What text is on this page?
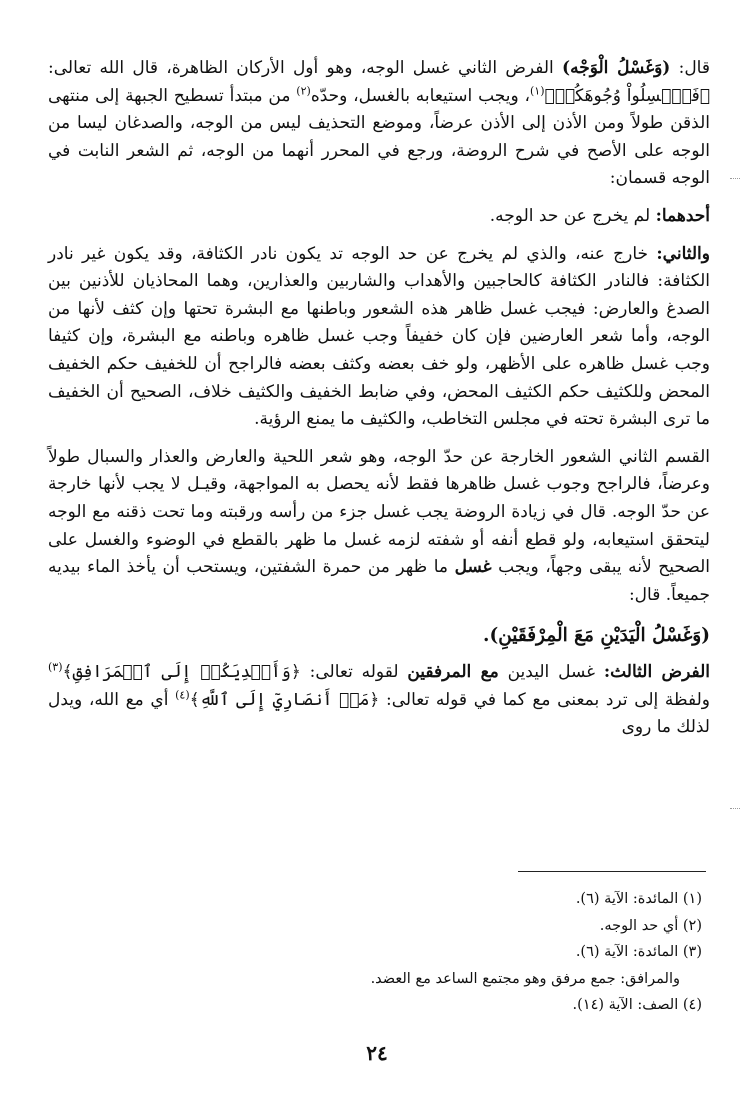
قال: (وَغَسْلُ الْوَجْه) الفرض الثاني غسل الوجه، وهو أول الأركان الظاهرة، قال الله تعالى: ﴿فَٱغۡسِلُواْ وُجُوهَكُمۡ﴾$^{(١)}$، ويجب استيعابه بالغسل، وحدّه$^{(٢)}$ من مبتدأ تسطيح الجبهة إلى منتهى الذقن طولاً ومن الأذن إلى الأذن عرضاً، وموضع التحذيف ليس من الوجه، والصدغان ليسا من الوجه على الأصح في شرح الروضة، ورجع في المحرر أنهما من الوجه، ثم الشعر النابت في الوجه قسمان:

أحدهما: لم يخرج عن حد الوجه.

والثاني: خارج عنه، والذي لم يخرج عن حد الوجه تد يكون نادر الكثافة، وقد يكون غير نادر الكثافة: فالنادر الكثافة كالحاجبين والأهداب والشاربين والعذارين، وهما المحاذيان للأذنين بين الصدغ والعارض: فيجب غسل ظاهر هذه الشعور وباطنها مع البشرة تحتها وإن كثف لأنها من الوجه، وأما شعر العارضين فإن كان خفيفاً وجب غسل ظاهره وباطنه مع البشرة، وإن كثيفا وجب غسل ظاهره على الأظهر، ولو خف بعضه وكثف بعضه فالراجح أن للخفيف حكم الخفيف المحض وللكثيف حكم الكثيف المحض، وفي ضابط الخفيف والكثيف خلاف، الصحيح أن الخفيف ما ترى البشرة تحته في مجلس التخاطب، والكثيف ما يمنع الرؤية.

القسم الثاني الشعور الخارجة عن حدّ الوجه، وهو شعر اللحية والعارض والعذار والسبال طولاً وعرضاً، فالراجح وجوب غسل ظاهرها فقط لأنه يحصل به المواجهة، وقيـل لا يجب لأنها خارجة عن حدّ الوجه. قال في زيادة الروضة يجب غسل جزء من رأسه ورقبته وما تحت ذقنه مع الوجه ليتحقق استيعابه، ولو قطع أنفه أو شفته لزمه غسل ما ظهر بالقطع في الوضوء والغسل على الصحيح لأنه يبقى وجهاً، ويجب غسل ما ظهر من حمرة الشفتين، ويستحب أن يأخذ الماء بيديه جميعاً. قال:

(وَغَسْلُ الْيَدَيْنِ مَعَ الْمِرْفَقَيْنِ).

الفرض الثالث: غسل اليدين مع المرفقين لقوله تعالى: ﴿وَأَيۡدِيَكُمۡ إِلَى ٱلۡمَرَافِقِ﴾$^{(٣)}$ ولفظة إلى ترد بمعنى مع كما في قوله تعالى: ﴿مَنۡ أَنصَارِيٓ إِلَى ٱللَّهِ﴾$^{(٤)}$ أي مع الله، ويدل لذلك ما روى

(١) المائدة: الآية (٦).

(٢) أي حد الوجه.

(٣) المائدة: الآية (٦).

والمرافق: جمع مرفق وهو مجتمع الساعد مع العضد.

(٤) الصف: الآية (١٤).

٢٤
